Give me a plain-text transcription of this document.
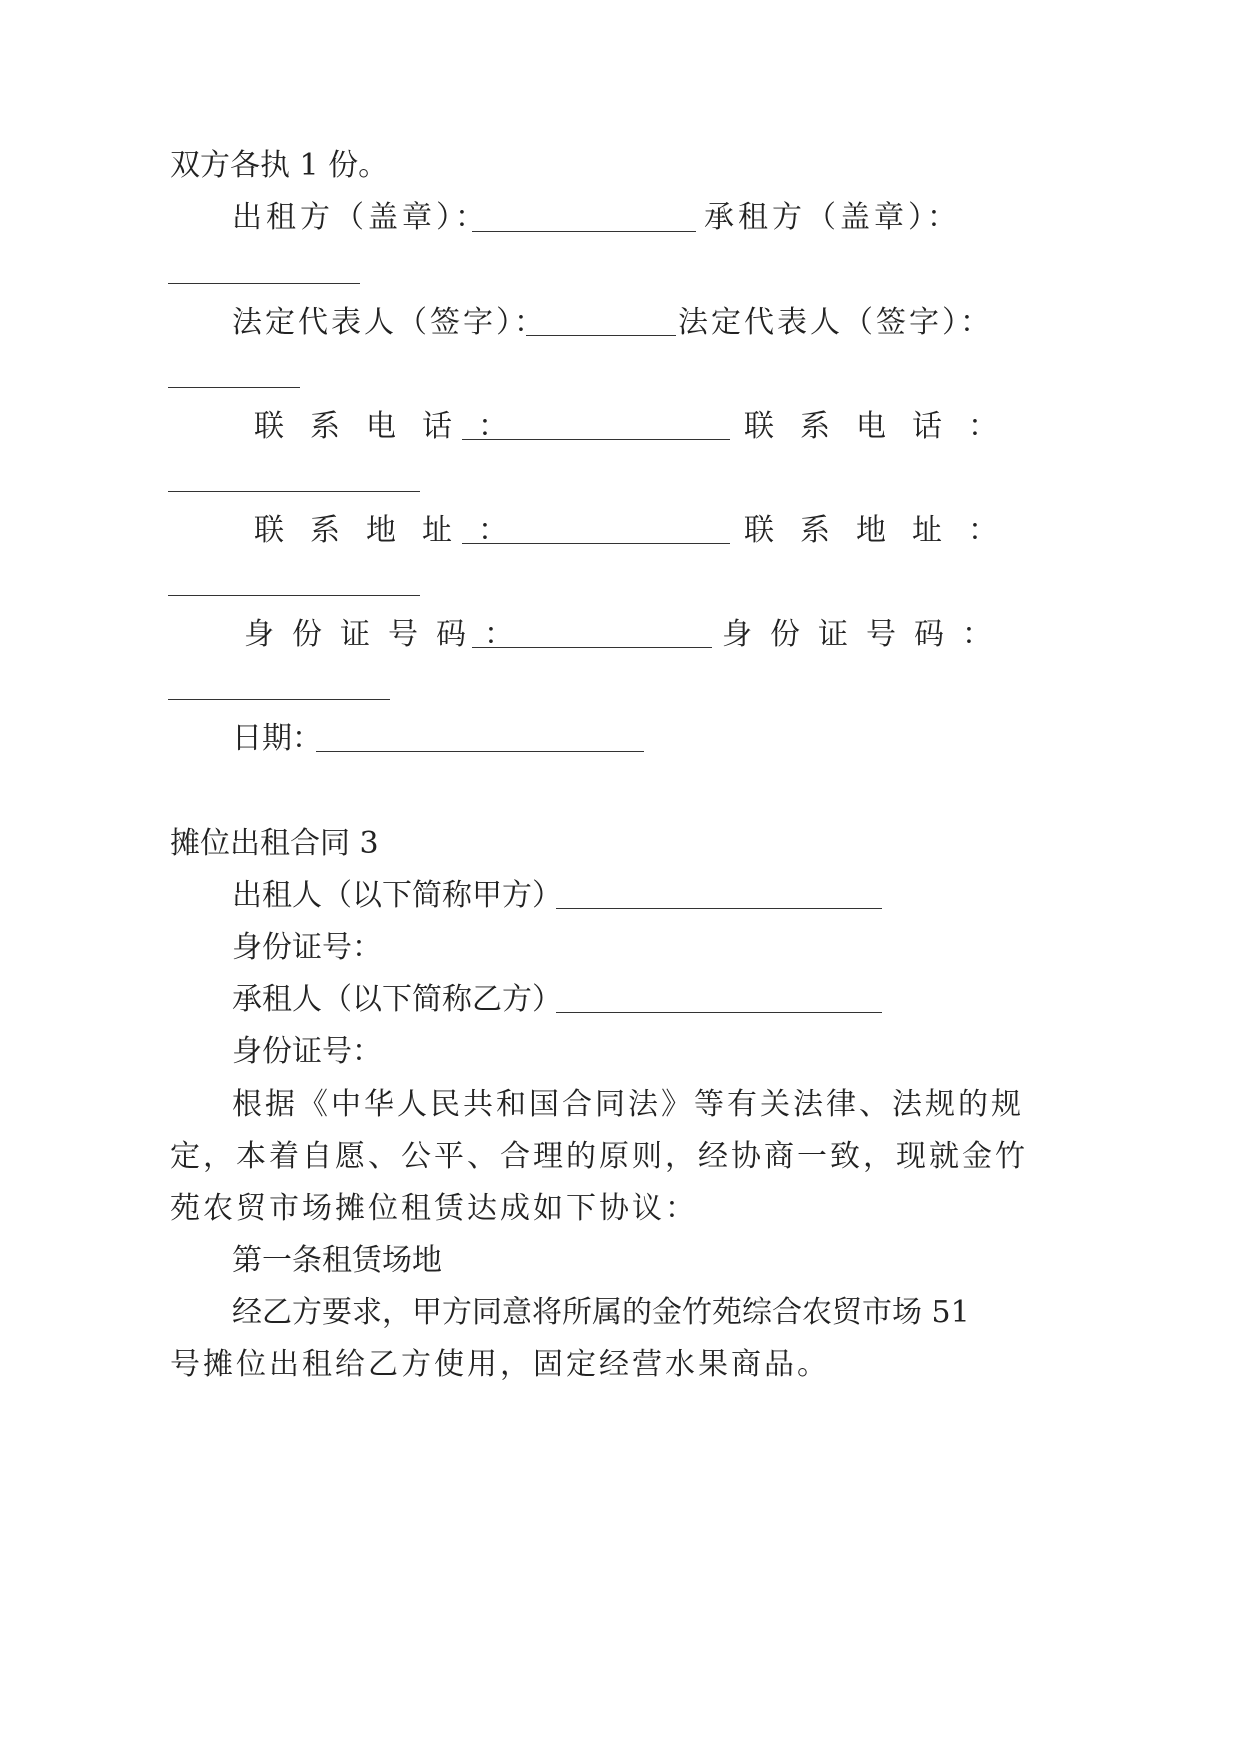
双方各执 1 份。

出租方（盖章）：	承租方（盖章）：

法定代表人（签字）：	法定代表人（签字）：

联系电话：	联系电话：

联系地址：	联系地址：

身份证号码：	身份证号码：

日期：

摊位出租合同 3

出租人（以下简称甲方）

身份证号：

承租人（以下简称乙方）

身份证号：

根据《中华人民共和国合同法》等有关法律、法规的规

定，本着自愿、公平、合理的原则，经协商一致，现就金竹

苑农贸市场摊位租赁达成如下协议：

第一条租赁场地

经乙方要求，甲方同意将所属的金竹苑综合农贸市场 51

号摊位出租给乙方使用，固定经营水果商品。
